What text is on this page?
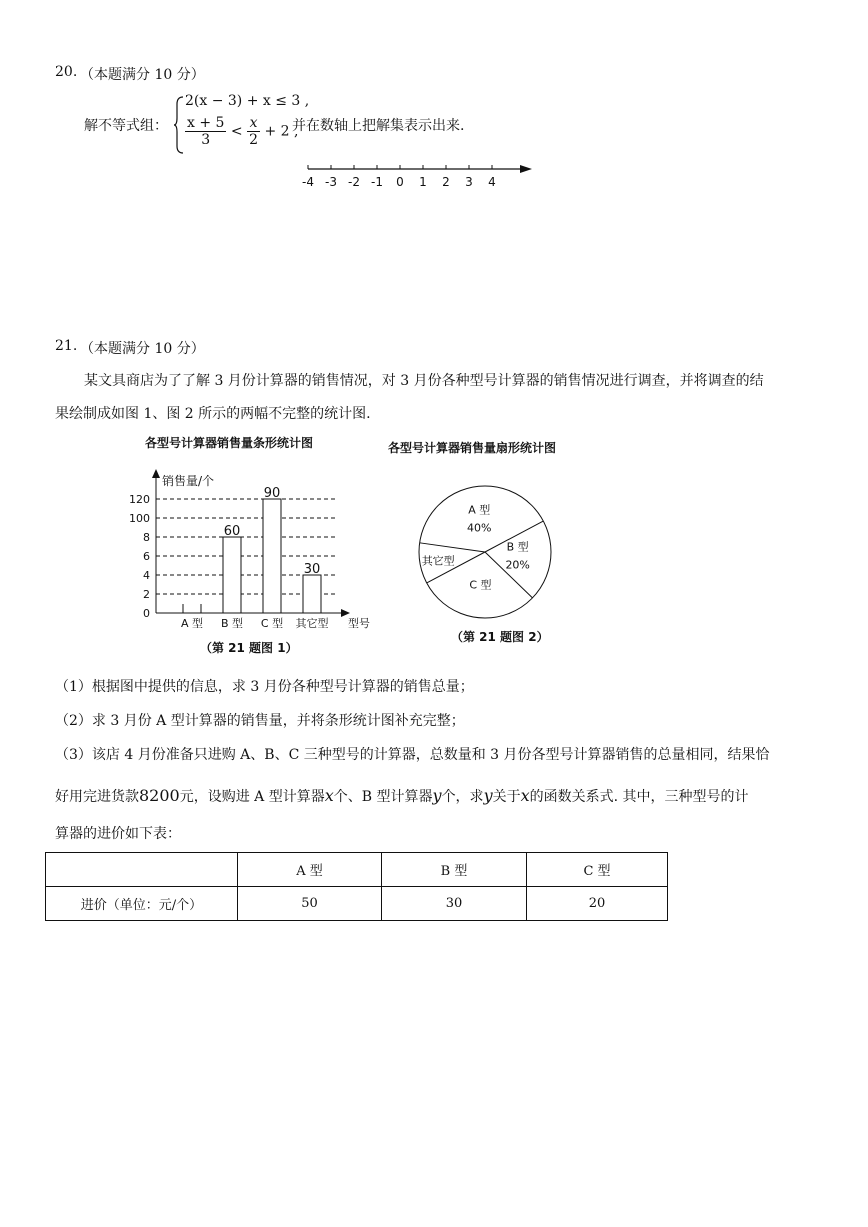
20. （本题满分 10 分）
解不等式组：
2(x − 3) + x ≤ 3 ,
$\frac{x + 5}{3} < \frac{x}{2} + 2$ ,
并在数轴上把解集表示出来.
-4 -3 -2 -1 0 1 2 3 4
21. （本题满分 10 分）
某文具商店为了了解 3 月份计算器的销售情况，对 3 月份各种型号计算器的销售情况进行调查，并将调查的结
果绘制成如图 1、图 2 所示的两幅不完整的统计图.
各型号计算器销售量条形统计图
销售量/个
0
2
4
6
8
100
120
A 型
60
B 型
90
C 型
30
其它型 型号
（第 21 题图 1）
各型号计算器销售量扇形统计图
A 型
40%
B 型
20%
C 型
其它型
（第 21 题图 2）
（1）根据图中提供的信息，求 3 月份各种型号计算器的销售总量；
（2）求 3 月份 A 型计算器的销售量，并将条形统计图补充完整；
（3）该店 4 月份准备只进购 A、B、C 三种型号的计算器，总数量和 3 月份各型号计算器销售的总量相同，结果恰
好用完进货款8200元，设购进 A 型计算器x个、B 型计算器y个，求y关于x的函数关系式. 其中，三种型号的计
算器的进价如下表：
	A 型	B 型	C 型
进价（单位：元/个）	50	30	20
